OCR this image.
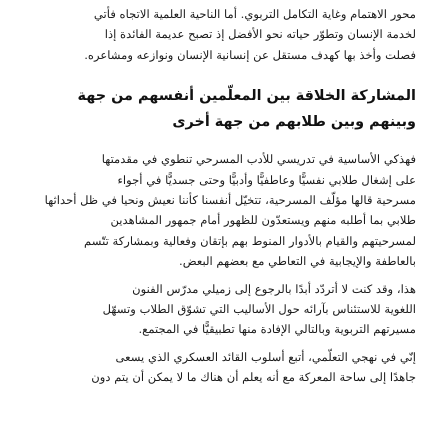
محور الاهتمام وغاية التكامل التربوي. أما الناحية العلمية الاتجاه فأتي
لخدمة الإنسان وتطوّر حياته نحو الأفضل إذ تصبح عديمة الفائدة إذا
فصلت وأخذ بها كهدف مستقل عن إنسانية الإنسان ونوازعه ومشاعره.

المشاركة الخلاقة بين المعلّمين أنفسهم من جهة
وبينهم وبين طلابهم من جهة أخرى

فهذكي الأساسية في تدريسي للأدب المسرحي تنطوي في مقدمتها
على إشغال طلابي نفسيًّا وعاطفيًّا وأدبيًّا وحتى جسديًّا في أجواء
مسرحية قالها مؤلّف المسرحية، تتخيّل أنفسنا كأننا نعيش ونحيا في ظل أحداثها
طلابي بما أطلبه منهم ويستعدّون للظهور أمام جمهور المشاهدين
لمسرحيتهم والقيام بالأدوار المنوط بهم بإتقان وفعالية وبمشاركة تتّسم
بالعاطفة والإيجابية في التعاطي مع بعضهم البعض.

هذا، وقد كنت لا أتردّد أبدًا بالرجوع إلى زميلي مدرّس الفنون
اللغوية للاستئناس بآرائه حول الأساليب التي تشوّق الطلاب وتسهّل
مسيرتهم التربوية وبالتالي الإفادة منها تطبيقيًّا في المجتمع.

إنّي في نهجي التعلّمي، أتبع أسلوب القائد العسكري الذي يسعى
جاهدًا إلى ساحة المعركة مع أنه يعلم أن هناك ما لا يمكن أن يتم دون
